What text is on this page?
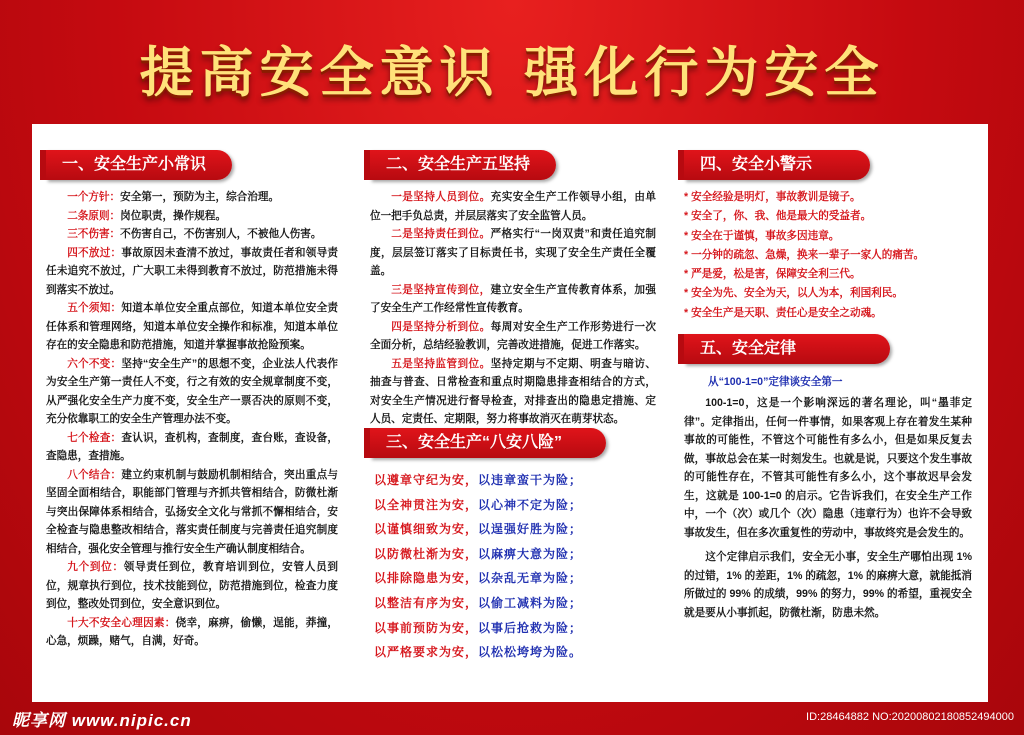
提高安全意识 强化行为安全
一、安全生产小常识

一个方针：安全第一，预防为主，综合治理。

二条原则：岗位职责，操作规程。

三不伤害：不伤害自己，不伤害别人，不被他人伤害。

四不放过：事故原因未查清不放过，事故责任者和领导责任未追究不放过，广大职工未得到教育不放过，防范措施未得到落实不放过。

五个须知：知道本单位安全重点部位，知道本单位安全责任体系和管理网络，知道本单位安全操作和标准，知道本单位存在的安全隐患和防范措施，知道并掌握事故抢险预案。

六个不变：坚持“安全生产”的思想不变，企业法人代表作为安全生产第一责任人不变，行之有效的安全规章制度不变，从严强化安全生产力度不变，安全生产一票否决的原则不变，充分依靠职工的安全生产管理办法不变。

七个检查：查认识，查机构，查制度，查台账，查设备，查隐患，查措施。

八个结合：建立约束机制与鼓励机制相结合，突出重点与坚固全面相结合，职能部门管理与齐抓共管相结合，防微杜渐与突出保障体系相结合，弘扬安全文化与常抓不懈相结合，安全检查与隐患整改相结合，落实责任制度与完善责任追究制度相结合，强化安全管理与推行安全生产确认制度相结合。

九个到位：领导责任到位，教育培训到位，安管人员到位，规章执行到位，技术技能到位，防范措施到位，检查力度到位，整改处罚到位，安全意识到位。

十大不安全心理因素：侥幸，麻痹，偷懒，逞能，莽撞，心急，烦躁，赌气，自满，好奇。

二、安全生产五坚持

一是坚持人员到位。充实安全生产工作领导小组，由单位一把手负总责，并层层落实了安全监管人员。

二是坚持责任到位。严格实行“一岗双责”和责任追究制度，层层签订落实了目标责任书，实现了安全生产责任全覆盖。

三是坚持宣传到位，建立安全生产宣传教育体系，加强了安全生产工作经常性宣传教育。

四是坚持分析到位。每周对安全生产工作形势进行一次全面分析，总结经验教训，完善改进措施，促进工作落实。

五是坚持监管到位。坚持定期与不定期、明查与暗访、抽查与普查、日常检查和重点时期隐患排查相结合的方式，对安全生产情况进行督导检查，对排查出的隐患定措施、定人员、定责任、定期限，努力将事故消灭在萌芽状态。

三、安全生产“八安八险”
以遵章守纪为安，以违章蛮干为险；
以全神贯注为安，以心神不定为险；
以谨慎细致为安，以逞强好胜为险；
以防微杜渐为安，以麻痹大意为险；
以排除隐患为安，以杂乱无章为险；
以整洁有序为安，以偷工减料为险；
以事前预防为安，以事后抢救为险；
以严格要求为安，以松松垮垮为险。
四、安全小警示
* 安全经验是明灯，事故教训是镜子。
* 安全了，你、我、他是最大的受益者。
* 安全在于谨慎，事故多因违章。
* 一分钟的疏忽、急燥，换来一辈子一家人的痛苦。
* 严是爱，松是害，保障安全利三代。
* 安全为先、安全为天，以人为本，利国利民。
* 安全生产是天职、责任心是安全之动魂。
五、安全定律
从“100-1=0”定律谈安全第一

100-1=0，这是一个影响深远的著名理论，叫“墨菲定律”。定律指出，任何一件事情，如果客观上存在着发生某种事故的可能性，不管这个可能性有多么小，但是如果反复去做，事故总会在某一时刻发生。也就是说，只要这个发生事故的可能性存在，不管其可能性有多么小，这个事故迟早会发生，这就是 100-1=0 的启示。它告诉我们，在安全生产工作中，一个（次）或几个（次）隐患（违章行为）也许不会导致事故发生，但在多次重复性的劳动中，事故终究是会发生的。

这个定律启示我们，安全无小事，安全生产哪怕出现 1% 的过错，1% 的差距，1% 的疏忽，1% 的麻痹大意，就能抵消所做过的 99% 的成绩，99% 的努力，99% 的希望，重视安全就是要从小事抓起，防微杜渐，防患未然。

昵享网 www.nipic.cn	ID:28464882 NO:20200802180852494000
